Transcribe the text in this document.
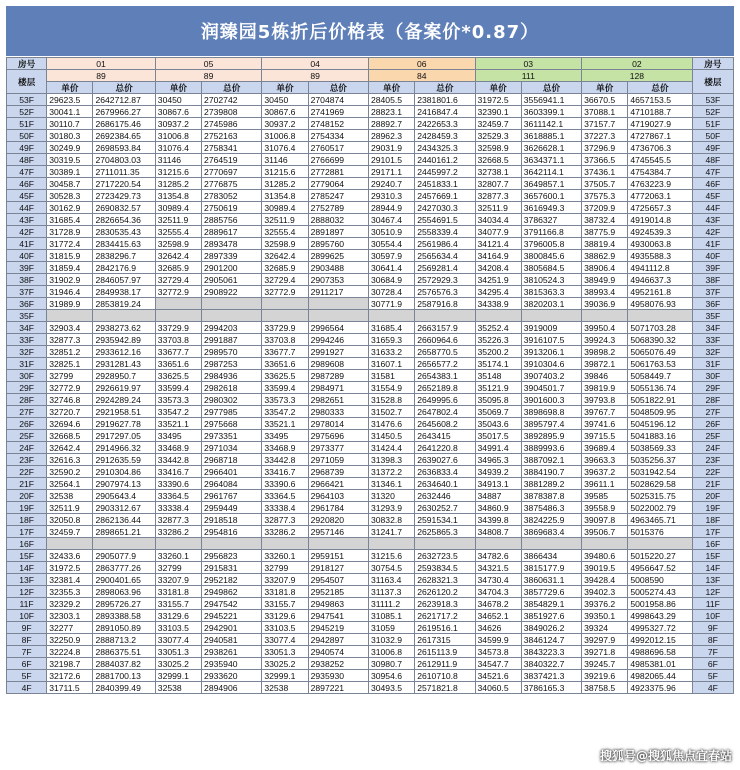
润臻园5栋折后价格表（备案价*0.87）
房号	01		05		04		06		03		02		房号
楼层	89		89		89		84		111		128		楼层
	单价	总价	单价	总价	单价	总价	单价	总价	单价	总价	单价	总价	
53F	29623.5	2642712.87	30450	2702742	30450	2704874	28405.5	2381801.6	31972.5	3556941.1	36670.5	4657153.5	53F
52F	30041.1	2679966.27	30867.6	2739808	30867.6	2741969	28823.1	2416847.4	32390.1	3603399.1	37088.1	4710188.7	52F
51F	30110.7	2686175.46	30937.2	2745986	30937.2	2748152	28892.7	2422653.3	32459.7	3611142.1	37157.7	4719027.9	51F
50F	30180.3	2692384.65	31006.8	2752163	31006.8	2754334	28962.3	2428459.3	32529.3	3618885.1	37227.3	4727867.1	50F
49F	30249.9	2698593.84	31076.4	2758341	31076.4	2760517	29031.9	2434325.3	32598.9	3626628.1	37296.9	4736706.3	49F
48F	30319.5	2704803.03	31146	2764519	31146	2766699	29101.5	2440161.2	32668.5	3634371.1	37366.5	4745545.5	48F
47F	30389.1	2711011.35	31215.6	2770697	31215.6	2772881	29171.1	2445997.2	32738.1	3642114.1	37436.1	4754384.7	47F
46F	30458.7	2717220.54	31285.2	2776875	31285.2	2779064	29240.7	2451833.1	32807.7	3649857.1	37505.7	4763223.9	46F
45F	30528.3	2723429.73	31354.8	2783052	31354.8	2785247	29310.3	2457669.1	32877.3	3657600.1	37575.3	4772063.1	45F
44F	30162.9	2690832.57	30989.4	2750619	30989.4	2752789	28944.9	2427030.3	32511.9	3616949.3	37209.9	4725657.3	44F
43F	31685.4	2826654.36	32511.9	2885756	32511.9	2888032	30467.4	2554691.5	34034.4	3786327	38732.4	4919014.8	43F
42F	31728.9	2830535.43	32555.4	2889617	32555.4	2891897	30510.9	2558339.4	34077.9	3791166.8	38775.9	4924539.3	42F
41F	31772.4	2834415.63	32598.9	2893478	32598.9	2895760	30554.4	2561986.4	34121.4	3796005.8	38819.4	4930063.8	41F
40F	31815.9	2838296.7	32642.4	2897339	32642.4	2899625	30597.9	2565634.4	34164.9	3800845.6	38862.9	4935588.3	40F
39F	31859.4	2842176.9	32685.9	2901200	32685.9	2903488	30641.4	2569281.4	34208.4	3805684.5	38906.4	4941112.8	39F
38F	31902.9	2846057.97	32729.4	2905061	32729.4	2907353	30684.9	2572929.3	34251.9	3810524.3	38949.9	4946637.3	38F
37F	31946.4	2849938.17	32772.9	2908922	32772.9	2911217	30728.4	2576576.3	34295.4	3815363.3	38993.4	4952161.8	37F
36F	31989.9	2853819.24					30771.9	2587916.8	34338.9	3820203.1	39036.9	4958076.93	36F
35F													35F
34F	32903.4	2938273.62	33729.9	2994203	33729.9	2996564	31685.4	2663157.9	35252.4	3919009	39950.4	5071703.28	34F
33F	32877.3	2935942.89	33703.8	2991887	33703.8	2994246	31659.3	2660964.6	35226.3	3916107.5	39924.3	5068390.32	33F
32F	32851.2	2933612.16	33677.7	2989570	33677.7	2991927	31633.2	2658770.5	35200.2	3913206.1	39898.2	5065076.49	32F
31F	32825.1	2931281.43	33651.6	2987253	33651.6	2989608	31607.1	2656577.2	35174.1	3910304.6	39872.1	5061763.53	31F
30F	32799	2928950.7	33625.5	2984936	33625.5	2987289	31581	2654383.1	35148	3907403.2	39846	5058449.7	30F
29F	32772.9	2926619.97	33599.4	2982618	33599.4	2984971	31554.9	2652189.8	35121.9	3904501.7	39819.9	5055136.74	29F
28F	32746.8	2924289.24	33573.3	2980302	33573.3	2982651	31528.8	2649995.6	35095.8	3901600.3	39793.8	5051822.91	28F
27F	32720.7	2921958.51	33547.2	2977985	33547.2	2980333	31502.7	2647802.4	35069.7	3898698.8	39767.7	5048509.95	27F
26F	32694.6	2919627.78	33521.1	2975668	33521.1	2978014	31476.6	2645608.2	35043.6	3895797.4	39741.6	5045196.12	26F
25F	32668.5	2917297.05	33495	2973351	33495	2975696	31450.5	2643415	35017.5	3892895.9	39715.5	5041883.16	25F
24F	32642.4	2914966.32	33468.9	2971034	33468.9	2973377	31424.4	2641220.8	34991.4	3889993.6	39689.4	5038569.33	24F
23F	32616.3	2912635.59	33442.8	2968718	33442.8	2971059	31398.3	2639027.6	34965.3	3887092.1	39663.3	5035256.37	23F
22F	32590.2	2910304.86	33416.7	2966401	33416.7	2968739	31372.2	2636833.4	34939.2	3884190.7	39637.2	5031942.54	22F
21F	32564.1	2907974.13	33390.6	2964084	33390.6	2966421	31346.1	2634640.1	34913.1	3881289.2	39611.1	5028629.58	21F
20F	32538	2905643.4	33364.5	2961767	33364.5	2964103	31320	2632446	34887	3878387.8	39585	5025315.75	20F
19F	32511.9	2903312.67	33338.4	2959449	33338.4	2961784	31293.9	2630252.7	34860.9	3875486.3	39558.9	5022002.79	19F
18F	32050.8	2862136.44	32877.3	2918518	32877.3	2920820	30832.8	2591534.1	34399.8	3824225.9	39097.8	4963465.71	18F
17F	32459.7	2898651.21	33286.2	2954816	33286.2	2957146	31241.7	2625865.3	34808.7	3869683.4	39506.7	5015376	17F
16F													16F
15F	32433.6	2905077.9	33260.1	2956823	33260.1	2959151	31215.6	2632723.5	34782.6	3866434	39480.6	5015220.27	15F
14F	31972.5	2863777.26	32799	2915831	32799	2918127	30754.5	2593834.5	34321.5	3815177.9	39019.5	4956647.52	14F
13F	32381.4	2900401.65	33207.9	2952182	33207.9	2954507	31163.4	2628321.3	34730.4	3860631.1	39428.4	5008590	13F
12F	32355.3	2898063.96	33181.8	2949862	33181.8	2952185	31137.3	2626120.2	34704.3	3857729.6	39402.3	5005274.43	12F
11F	32329.2	2895726.27	33155.7	2947542	33155.7	2949863	31111.2	2623918.3	34678.2	3854829.1	39376.2	5001958.86	11F
10F	32303.1	2893388.58	33129.6	2945221	33129.6	2947541	31085.1	2621717.2	34652.1	3851927.6	39350.1	4998643.29	10F
9F	32277	2891050.89	33103.5	2942901	33103.5	2945219	31059	2619516.1	34626	3849026.2	39324	4995327.72	9F
8F	32250.9	2888713.2	33077.4	2940581	33077.4	2942897	31032.9	2617315	34599.9	3846124.7	39297.9	4992012.15	8F
7F	32224.8	2886375.51	33051.3	2938261	33051.3	2940574	31006.8	2615113.9	34573.8	3843223.3	39271.8	4988696.58	7F
6F	32198.7	2884037.82	33025.2	2935940	33025.2	2938252	30980.7	2612911.9	34547.7	3840322.7	39245.7	4985381.01	6F
5F	32172.6	2881700.13	32999.1	2933620	32999.1	2935930	30954.6	2610710.8	34521.6	3837421.3	39219.6	4982065.44	5F
4F	31711.5	2840399.49	32538	2894906	32538	2897221	30493.5	2571821.8	34060.5	3786165.3	38758.5	4923375.96	4F
搜狐号@搜狐焦点宜春站
